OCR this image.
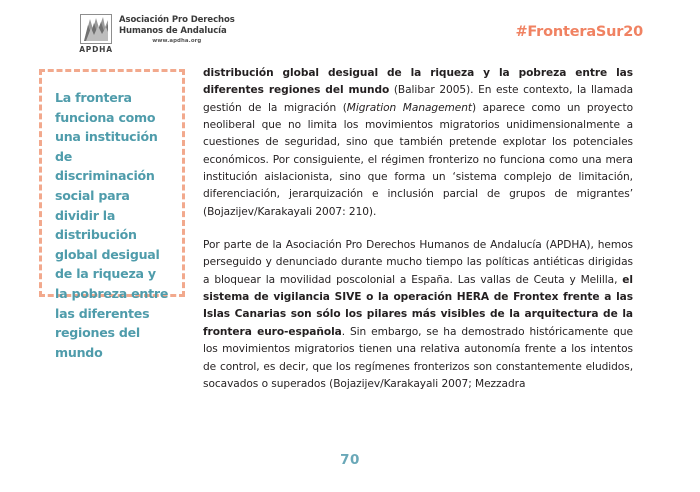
APDHA
Asociación Pro Derechos
Humanos de Andalucía
www.apdha.org
#FronteraSur20
La frontera funciona como una institución de discriminación social para dividir la distribución global desigual de la riqueza y la pobreza entre las diferentes regiones del mundo

distribución global desigual de la riqueza y la pobreza entre las diferentes regiones del mundo (Balibar 2005). En este contexto, la llamada gestión de la migración (Migration Management) aparece como un proyecto neoliberal que no limita los movimientos migratorios unidimensionalmente a cuestiones de seguridad, sino que también pretende explotar los potenciales económicos. Por consiguiente, el régimen fronterizo no funciona como una mera institución aislacionista, sino que forma un ‘sistema complejo de limitación, diferenciación, jerarquización e inclusión parcial de grupos de migrantes’ (Bojazijev/Karakayali 2007: 210).

Por parte de la Asociación Pro Derechos Humanos de Andalucía (APDHA), hemos perseguido y denunciado durante mucho tiempo las políticas antiéticas dirigidas a bloquear la movilidad poscolonial a España. Las vallas de Ceuta y Melilla, el sistema de vigilancia SIVE o la operación HERA de Frontex frente a las Islas Canarias son sólo los pilares más visibles de la arquitectura de la frontera euro-española. Sin embargo, se ha demostrado históricamente que los movimientos migratorios tienen una relativa autonomía frente a los intentos de control, es decir, que los regímenes fronterizos son constantemente eludidos, socavados o superados (Bojazijev/Karakayali 2007; Mezzadra

70
